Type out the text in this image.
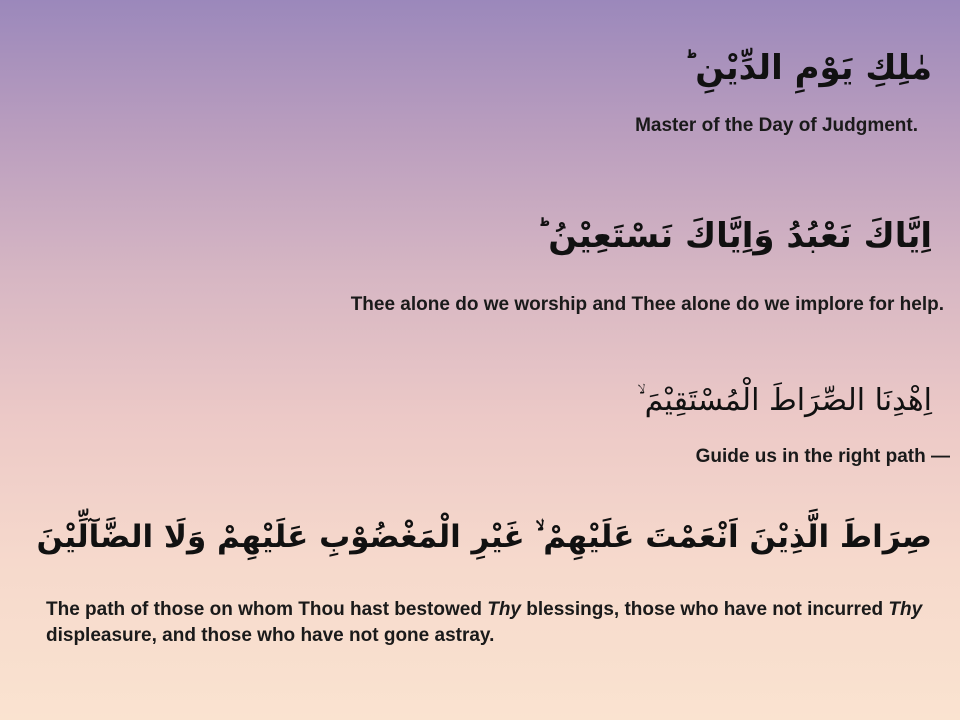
مٰلِكِ يَوْمِ الدِّيْنِ ؕ
Master of the Day of Judgment.
اِيَّاكَ نَعْبُدُ وَاِيَّاكَ نَسْتَعِيْنُ ؕ
Thee alone do we worship and Thee alone do we implore for help.
اِهْدِنَا الصِّرَاطَ الْمُسْتَقِيْمَ ۙ
Guide us in the right path —
صِرَاطَ الَّذِيْنَ اَنْعَمْتَ عَلَيْهِمْ ۙ غَيْرِ الْمَغْضُوْبِ عَلَيْهِمْ وَلَا الضَّآلِّيْنَ
The path of those on whom Thou hast bestowed Thy blessings, those who have not incurred Thy displeasure, and those who have not gone astray.
